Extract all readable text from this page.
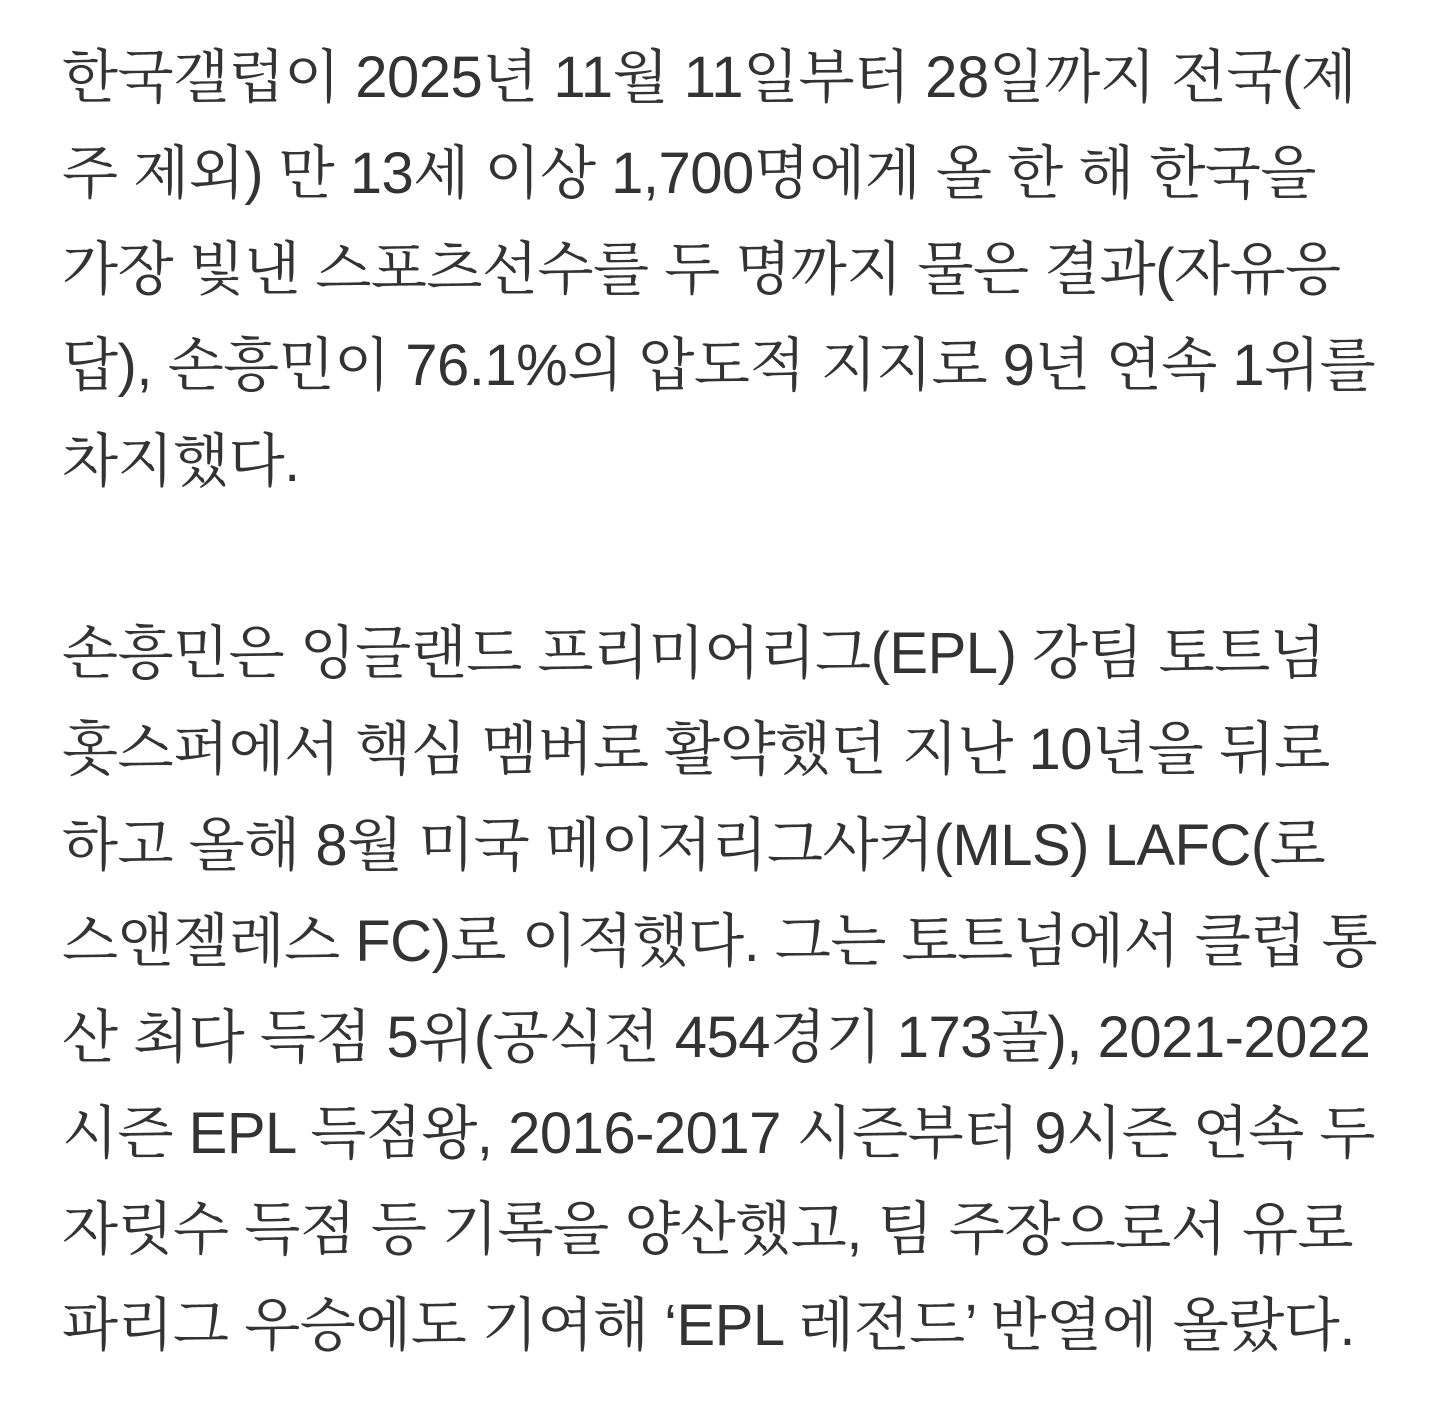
한국갤럽이 2025년 11월 11일부터 28일까지 전국(제주 제외) 만 13세 이상 1,700명에게 올 한 해 한국을 가장 빛낸 스포츠선수를 두 명까지 물은 결과(자유응답), 손흥민이 76.1%의 압도적 지지로 9년 연속 1위를 차지했다.

손흥민은 잉글랜드 프리미어리그(EPL) 강팀 토트넘 홋스퍼에서 핵심 멤버로 활약했던 지난 10년을 뒤로하고 올해 8월 미국 메이저리그사커(MLS) LAFC(로스앤젤레스 FC)로 이적했다. 그는 토트넘에서 클럽 통산 최다 득점 5위(공식전 454경기 173골), 2021-2022 시즌 EPL 득점왕, 2016-2017 시즌부터 9시즌 연속 두 자릿수 득점 등 기록을 양산했고, 팀 주장으로서 유로파리그 우승에도 기여해 ‘EPL 레전드’ 반열에 올랐다.
